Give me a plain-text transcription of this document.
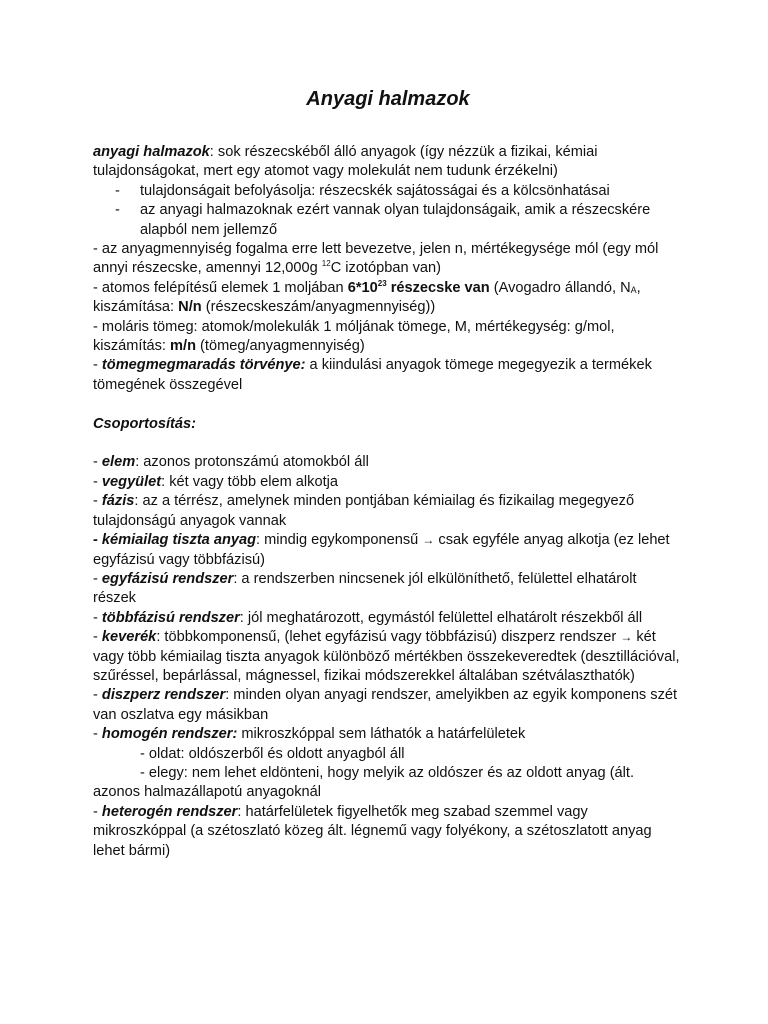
Anyagi halmazok

anyagi halmazok: sok részecskéből álló anyagok (így nézzük a fizikai, kémiai tulajdonságokat, mert egy atomot vagy molekulát nem tudunk érzékelni)

- tulajdonságait befolyásolja: részecskék sajátosságai és a kölcsönhatásai
- az anyagi halmazoknak ezért vannak olyan tulajdonságaik, amik a részecskére alapból nem jellemző

- az anyagmennyiség fogalma erre lett bevezetve, jelen n, mértékegysége mól (egy mól annyi részecske, amennyi 12,000g $^{12}$C izotópban van)

- atomos felépítésű elemek 1 moljában $6*10^{23}$ részecske van (Avogadro állandó, $N_A$, kiszámítása: N/n (részecskeszám/anyagmennyiség))

- moláris tömeg: atomok/molekulák 1 móljának tömege, M, mértékegység: g/mol, kiszámítás: m/n (tömeg/anyagmennyiség)

- tömegmegmaradás törvénye: a kiindulási anyagok tömege megegyezik a termékek tömegének összegével

Csoportosítás:

- elem: azonos protonszámú atomokból áll

- vegyület: két vagy több elem alkotja

- fázis: az a térrész, amelynek minden pontjában kémiailag és fizikailag megegyező tulajdonságú anyagok vannak

- kémiailag tiszta anyag: mindig egykomponensű → csak egyféle anyag alkotja (ez lehet egyfázisú vagy többfázisú)

- egyfázisú rendszer: a rendszerben nincsenek jól elkülöníthető, felülettel elhatárolt részek

- többfázisú rendszer: jól meghatározott, egymástól felülettel elhatárolt részekből áll

- keverék: többkomponensű, (lehet egyfázisú vagy többfázisú) diszperz rendszer → két vagy több kémiailag tiszta anyagok különböző mértékben összekeveredtek (desztillációval, szűréssel, bepárlással, mágnessel, fizikai módszerekkel általában szétválaszthatók)

- diszperz rendszer: minden olyan anyagi rendszer, amelyikben az egyik komponens szét van oszlatva egy másikban

- homogén rendszer: mikroszkóppal sem láthatók a határfelületek

- oldat: oldószerből és oldott anyagból áll

- elegy: nem lehet eldönteni, hogy melyik az oldószer és az oldott anyag (ált.

azonos halmazállapotú anyagoknál

- heterogén rendszer: határfelületek figyelhetők meg szabad szemmel vagy mikroszkóppal (a szétoszlató közeg ált. légnemű vagy folyékony, a szétoszlatott anyag lehet bármi)
